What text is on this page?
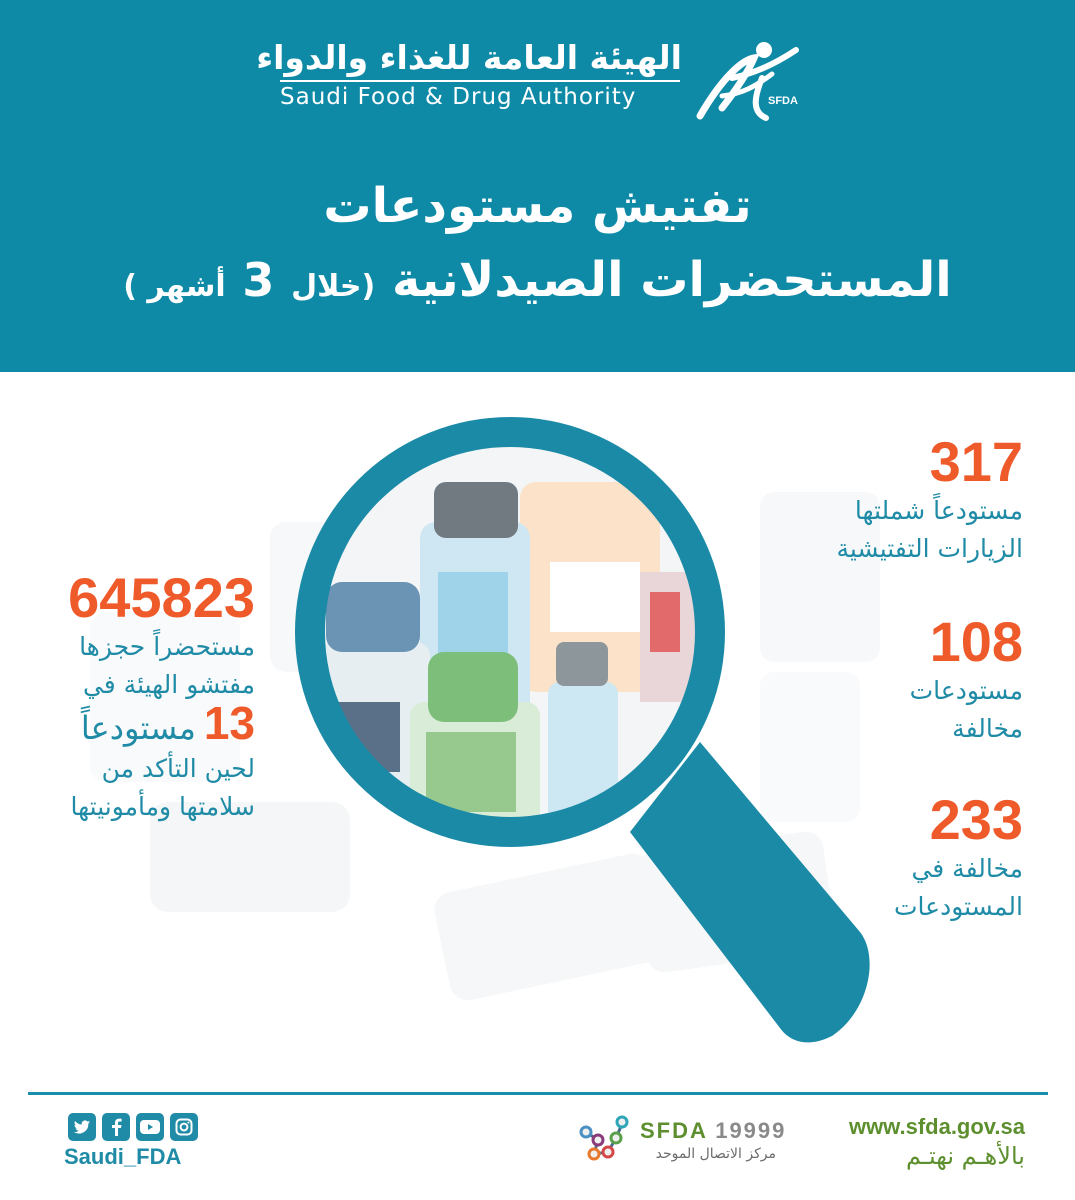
الهيئة العامة للغذاء والدواء
Saudi Food & Drug Authority	SFDA
تفتيش مستودعات
المستحضرات الصيدلانية (خلال 3 أشهر )
317
مستودعاً شملتها
الزيارات التفتيشية
108
مستودعات
مخالفة
233
مخالفة في
المستودعات
645823
مستحضراً حجزها
مفتشو الهيئة في
13 مستودعاً
لحين التأكد من
سلامتها ومأمونيتها
Saudi_FDA
SFDA 19999
مركز الاتصال الموحد
www.sfda.gov.sa
بالأهـم نهتـم
